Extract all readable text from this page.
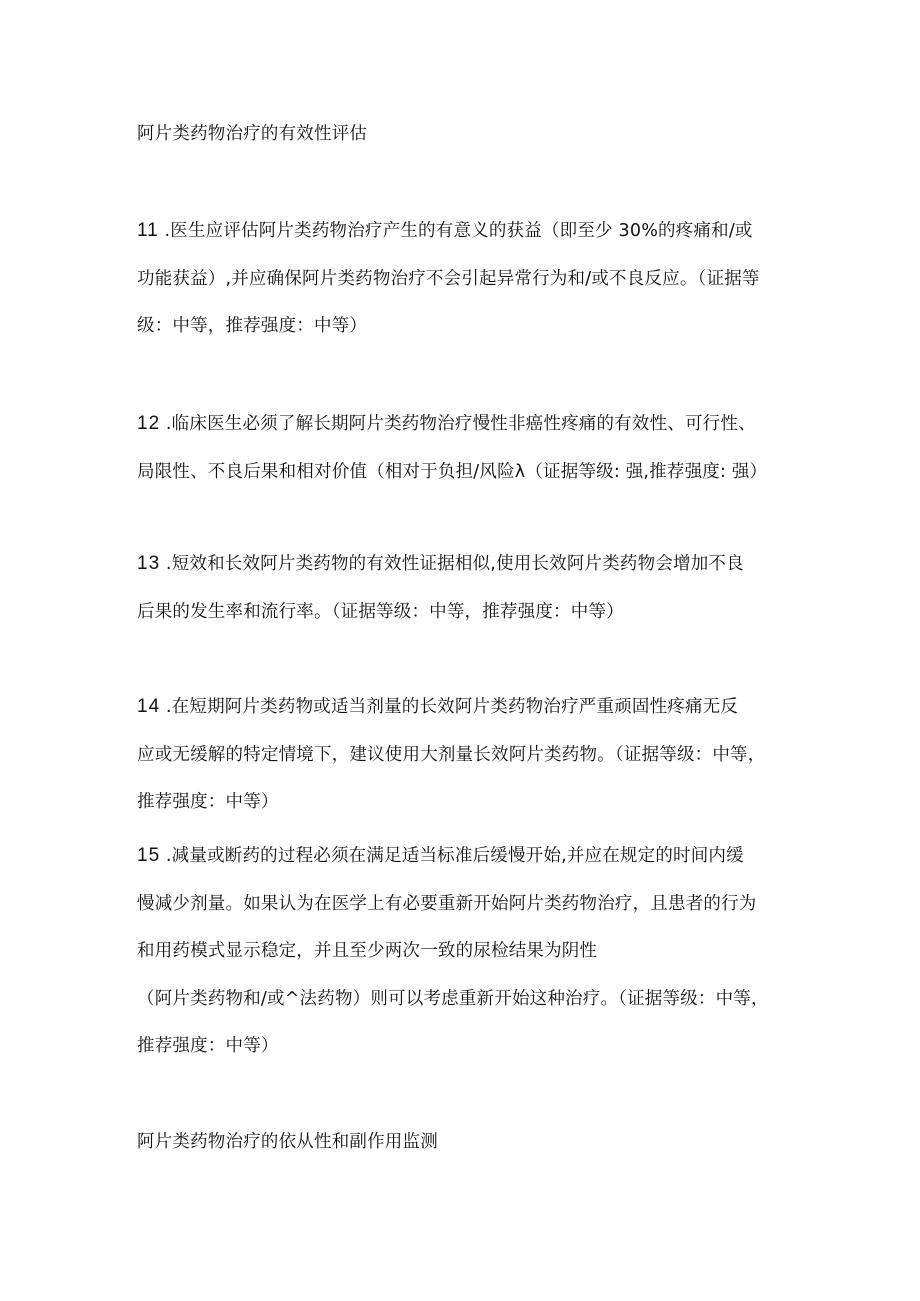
阿片类药物治疗的有效性评估

11 .医生应评估阿片类药物治疗产生的有意义的获益（即至少 30%的疼痛和/或

功能获益）,并应确保阿片类药物治疗不会引起异常行为和/或不良反应。（证据等

级：中等，推荐强度：中等）

12 .临床医生必须了解长期阿片类药物治疗慢性非癌性疼痛的有效性、可行性、

局限性、不良后果和相对价值（相对于负担/风险λ（证据等级: 强,推荐强度: 强）

13 .短效和长效阿片类药物的有效性证据相似,使用长效阿片类药物会增加不良

后果的发生率和流行率。（证据等级：中等，推荐强度：中等）

14 .在短期阿片类药物或适当剂量的长效阿片类药物治疗严重顽固性疼痛无反

应或无缓解的特定情境下，建议使用大剂量长效阿片类药物。（证据等级：中等，

推荐强度：中等）

15 .减量或断药的过程必须在满足适当标准后缓慢开始,并应在规定的时间内缓

慢减少剂量。如果认为在医学上有必要重新开始阿片类药物治疗，且患者的行为

和用药模式显示稳定，并且至少两次一致的尿检结果为阴性

（阿片类药物和/或^法药物）则可以考虑重新开始这种治疗。（证据等级：中等，

推荐强度：中等）

阿片类药物治疗的依从性和副作用监测
